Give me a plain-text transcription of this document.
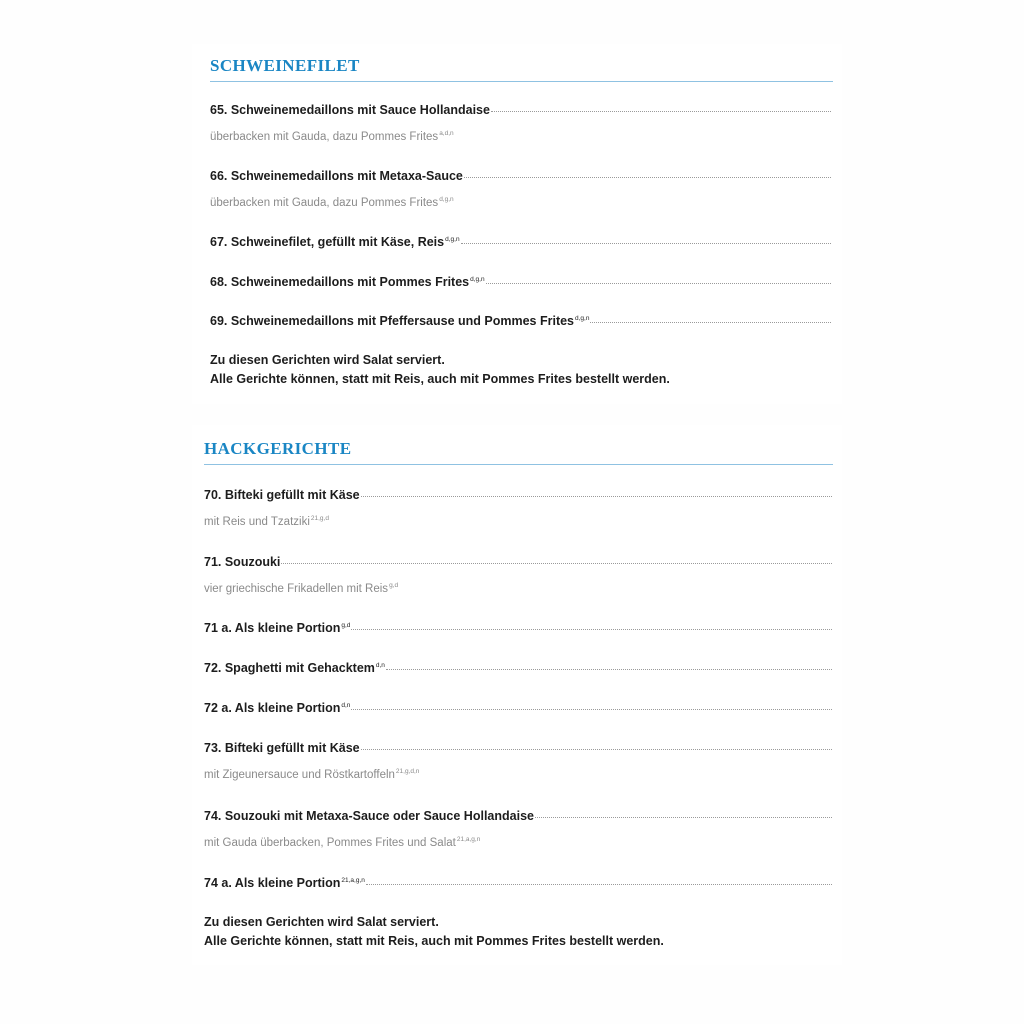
SCHWEINEFILET
65. Schweinemedaillons mit Sauce Hollandaise
überbacken mit Gauda, dazu Pommes Frites$^{a,d,n}$
66. Schweinemedaillons mit Metaxa-Sauce
überbacken mit Gauda, dazu Pommes Frites$^{d,g,n}$
67. Schweinefilet, gefüllt mit Käse, Reis$^{d,g,n}$
68. Schweinemedaillons mit Pommes Frites$^{d,g,n}$
69. Schweinemedaillons mit Pfeffersause und Pommes Frites$^{d,g,n}$
Zu diesen Gerichten wird Salat serviert.
Alle Gerichte können, statt mit Reis, auch mit Pommes Frites bestellt werden.
HACKGERICHTE
70. Bifteki gefüllt mit Käse
mit Reis und Tzatziki$^{21,g,d}$
71. Souzouki
vier griechische Frikadellen mit Reis$^{g,d}$
71 a. Als kleine Portion$^{g,d}$
72. Spaghetti mit Gehacktem$^{d,n}$
72 a. Als kleine Portion$^{d,n}$
73. Bifteki gefüllt mit Käse
mit Zigeunersauce und Röstkartoffeln$^{21,g,d,n}$
74. Souzouki mit Metaxa-Sauce oder Sauce Hollandaise
mit Gauda überbacken, Pommes Frites und Salat$^{21,a,g,n}$
74 a. Als kleine Portion$^{21,a,g,n}$
Zu diesen Gerichten wird Salat serviert.
Alle Gerichte können, statt mit Reis, auch mit Pommes Frites bestellt werden.
